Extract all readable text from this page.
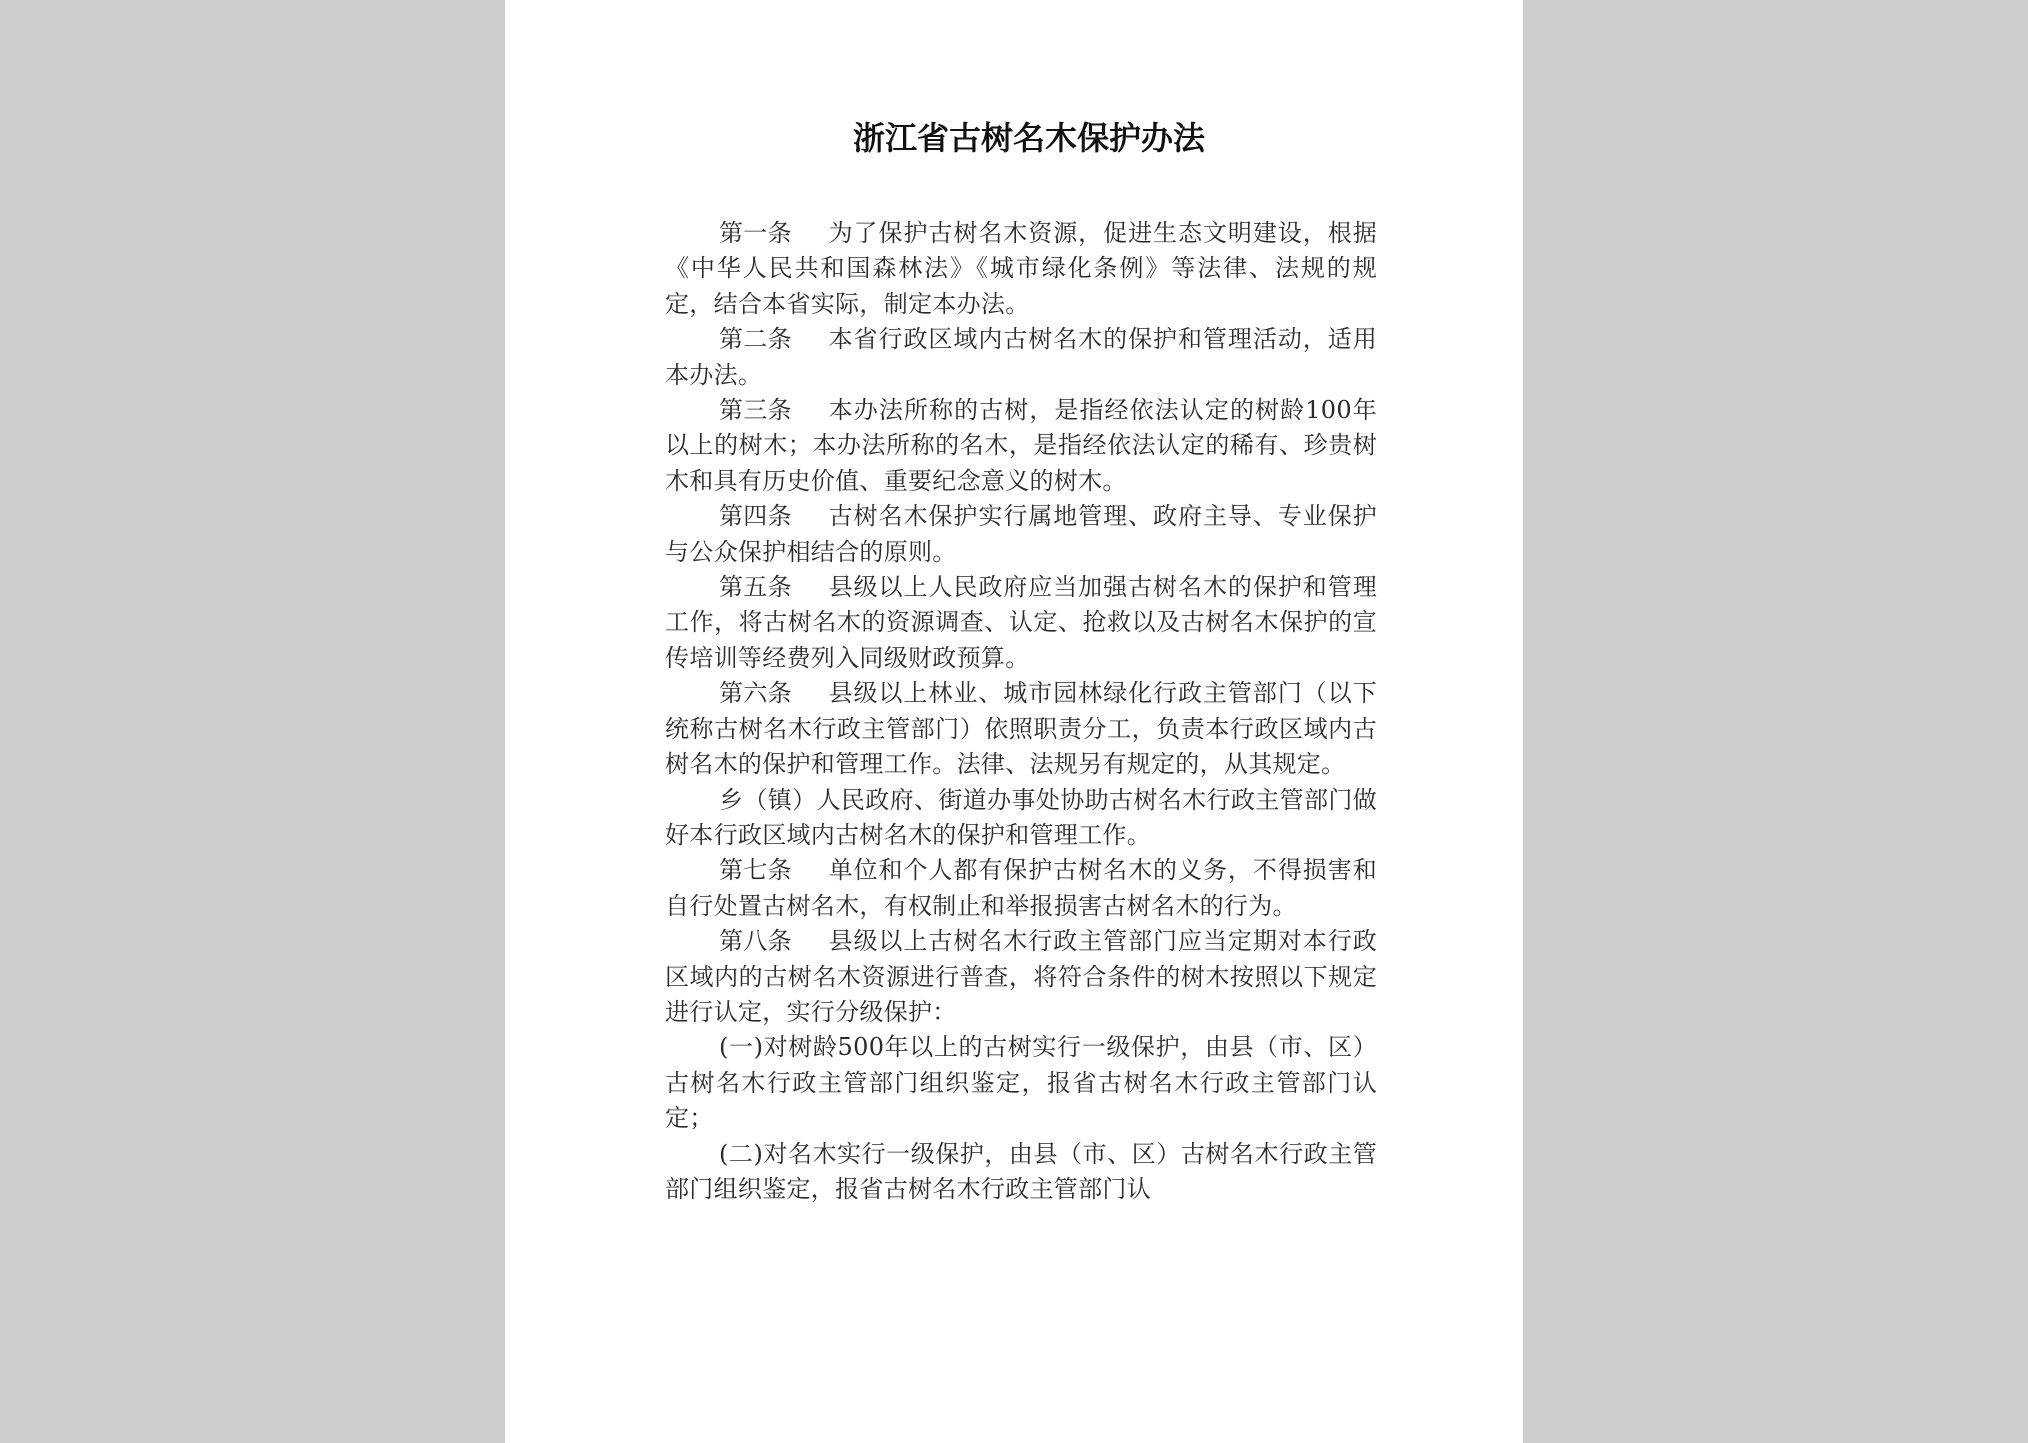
浙江省古树名木保护办法

第一条 为了保护古树名木资源，促进生态文明建设，根据《中华人民共和国森林法》《城市绿化条例》等法律、法规的规定，结合本省实际，制定本办法。

第二条 本省行政区域内古树名木的保护和管理活动，适用本办法。

第三条 本办法所称的古树，是指经依法认定的树龄100年以上的树木；本办法所称的名木，是指经依法认定的稀有、珍贵树木和具有历史价值、重要纪念意义的树木。

第四条 古树名木保护实行属地管理、政府主导、专业保护与公众保护相结合的原则。

第五条 县级以上人民政府应当加强古树名木的保护和管理工作，将古树名木的资源调查、认定、抢救以及古树名木保护的宣传培训等经费列入同级财政预算。

第六条 县级以上林业、城市园林绿化行政主管部门（以下统称古树名木行政主管部门）依照职责分工，负责本行政区域内古树名木的保护和管理工作。法律、法规另有规定的，从其规定。

乡（镇）人民政府、街道办事处协助古树名木行政主管部门做好本行政区域内古树名木的保护和管理工作。

第七条 单位和个人都有保护古树名木的义务，不得损害和自行处置古树名木，有权制止和举报损害古树名木的行为。

第八条 县级以上古树名木行政主管部门应当定期对本行政区域内的古树名木资源进行普查，将符合条件的树木按照以下规定进行认定，实行分级保护：

(一)对树龄500年以上的古树实行一级保护，由县（市、区）古树名木行政主管部门组织鉴定，报省古树名木行政主管部门认定；

(二)对名木实行一级保护，由县（市、区）古树名木行政主管部门组织鉴定，报省古树名木行政主管部门认
